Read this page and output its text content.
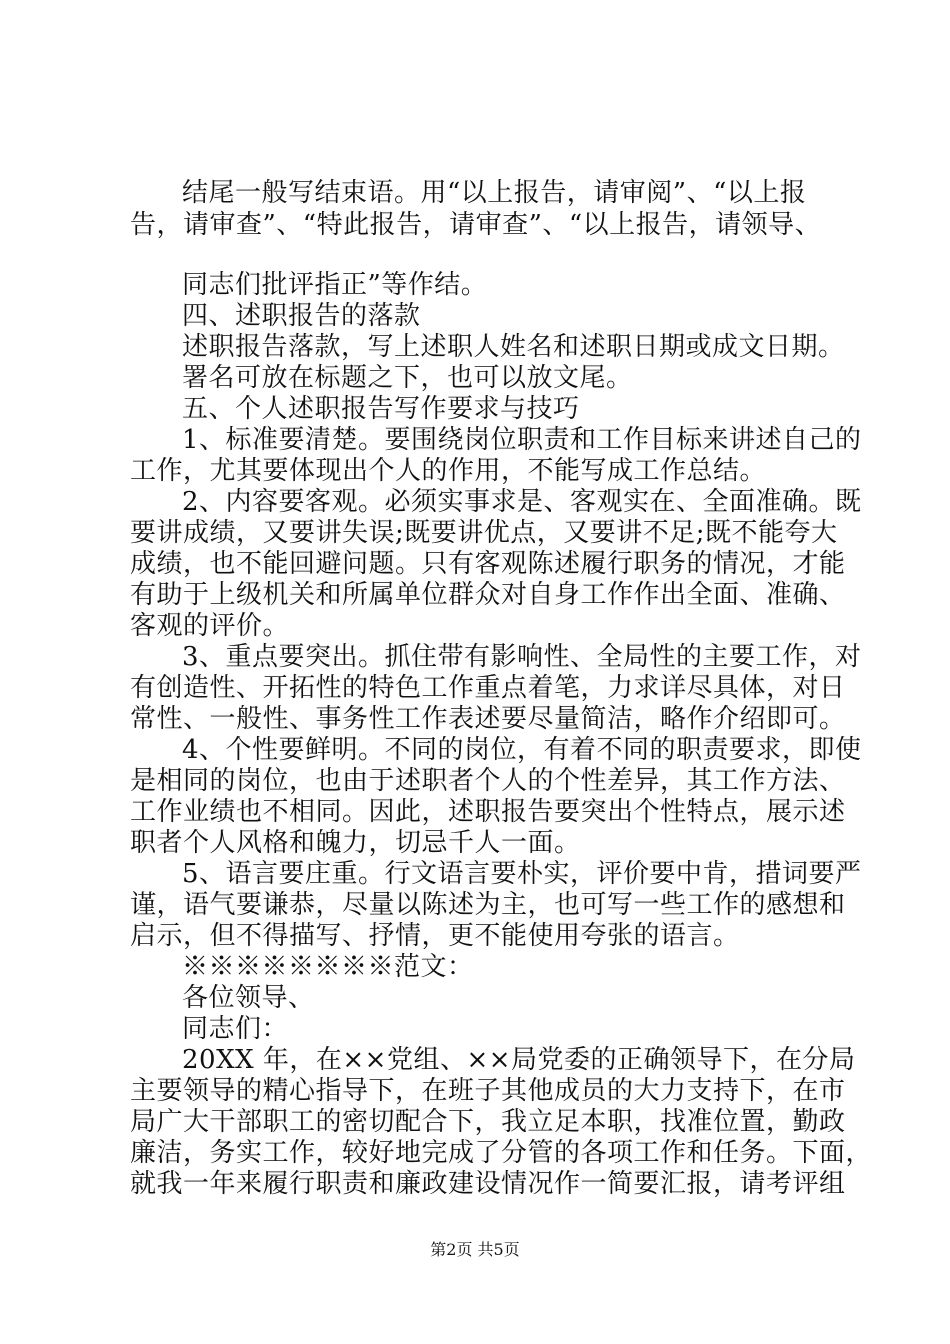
结尾一般写结束语。用“以上报告，请审阅”、“以上报
告，请审查”、“特此报告，请审查”、“以上报告，请领导、
同志们批评指正”等作结。
四、述职报告的落款
述职报告落款，写上述职人姓名和述职日期或成文日期。
署名可放在标题之下，也可以放文尾。
五、个人述职报告写作要求与技巧
1、标准要清楚。要围绕岗位职责和工作目标来讲述自己的
工作，尤其要体现出个人的作用，不能写成工作总结。
2、内容要客观。必须实事求是、客观实在、全面准确。既
要讲成绩，又要讲失误;既要讲优点，又要讲不足;既不能夸大
成绩，也不能回避问题。只有客观陈述履行职务的情况，才能
有助于上级机关和所属单位群众对自身工作作出全面、准确、
客观的评价。
3、重点要突出。抓住带有影响性、全局性的主要工作，对
有创造性、开拓性的特色工作重点着笔，力求详尽具体，对日
常性、一般性、事务性工作表述要尽量简洁，略作介绍即可。
4、个性要鲜明。不同的岗位，有着不同的职责要求，即使
是相同的岗位，也由于述职者个人的个性差异，其工作方法、
工作业绩也不相同。因此，述职报告要突出个性特点，展示述
职者个人风格和魄力，切忌千人一面。
5、语言要庄重。行文语言要朴实，评价要中肯，措词要严
谨，语气要谦恭，尽量以陈述为主，也可写一些工作的感想和
启示，但不得描写、抒情，更不能使用夸张的语言。
※※※※※※※※范文：
各位领导、
同志们：
20XX 年，在××党组、××局党委的正确领导下，在分局
主要领导的精心指导下，在班子其他成员的大力支持下，在市
局广大干部职工的密切配合下，我立足本职，找准位置，勤政
廉洁，务实工作，较好地完成了分管的各项工作和任务。下面，
就我一年来履行职责和廉政建设情况作一简要汇报，请考评组
第2页 共5页
